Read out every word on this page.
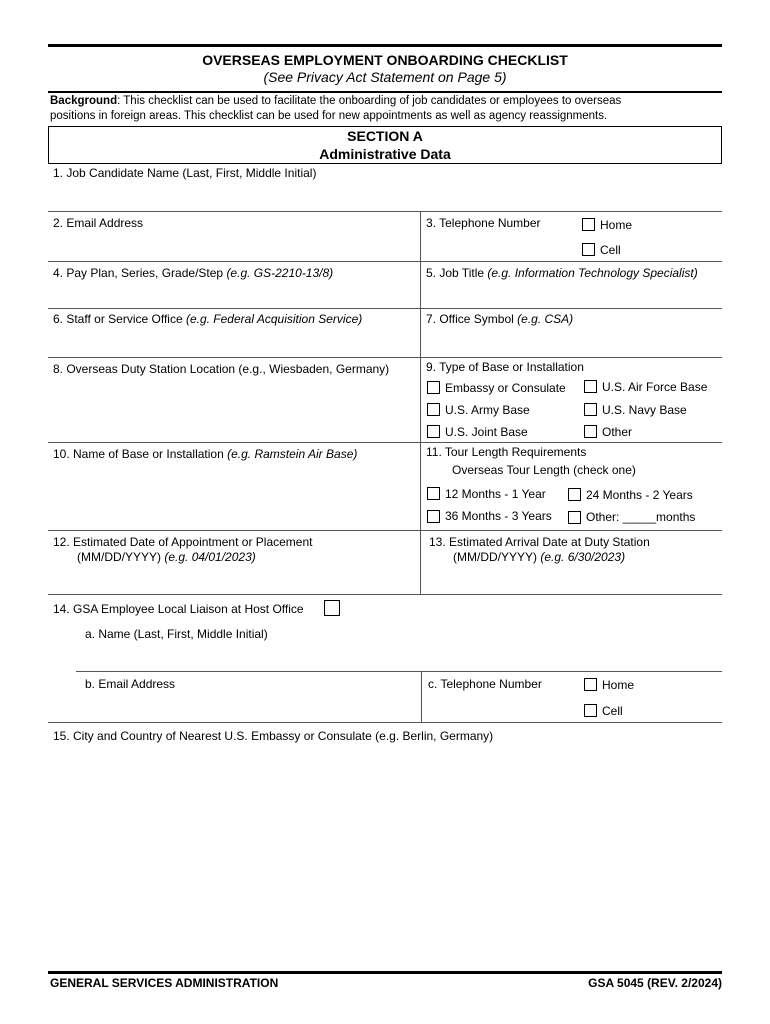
OVERSEAS EMPLOYMENT ONBOARDING CHECKLIST
(See Privacy Act Statement on Page 5)
Background: This checklist can be used to facilitate the onboarding of job candidates or employees to overseas
positions in foreign areas. This checklist can be used for new appointments as well as agency reassignments.
SECTION A
Administrative Data
1. Job Candidate Name (Last, First, Middle Initial)
2. Email Address	3. Telephone Number	Home
Cell
4. Pay Plan, Series, Grade/Step (e.g. GS-2210-13/8)	5. Job Title (e.g. Information Technology Specialist)
6. Staff or Service Office (e.g. Federal Acquisition Service)	7. Office Symbol (e.g. CSA)
8. Overseas Duty Station Location (e.g., Wiesbaden, Germany)	9. Type of Base or Installation
Embassy or Consulate	U.S. Air Force Base
U.S. Army Base	U.S. Navy Base
U.S. Joint Base	Other
10. Name of Base or Installation (e.g. Ramstein Air Base)	11. Tour Length Requirements
Overseas Tour Length (check one)
12 Months - 1 Year	24 Months - 2 Years
36 Months - 3 Years	Other: _____months
12. Estimated Date of Appointment or Placement
(MM/DD/YYYY) (e.g. 04/01/2023)
13. Estimated Arrival Date at Duty Station
(MM/DD/YYYY) (e.g. 6/30/2023)
14. GSA Employee Local Liaison at Host Office
a. Name (Last, First, Middle Initial)
b. Email Address	c. Telephone Number	Home
Cell
15. City and Country of Nearest U.S. Embassy or Consulate (e.g. Berlin, Germany)
GENERAL SERVICES ADMINISTRATION	GSA 5045 (REV. 2/2024)
